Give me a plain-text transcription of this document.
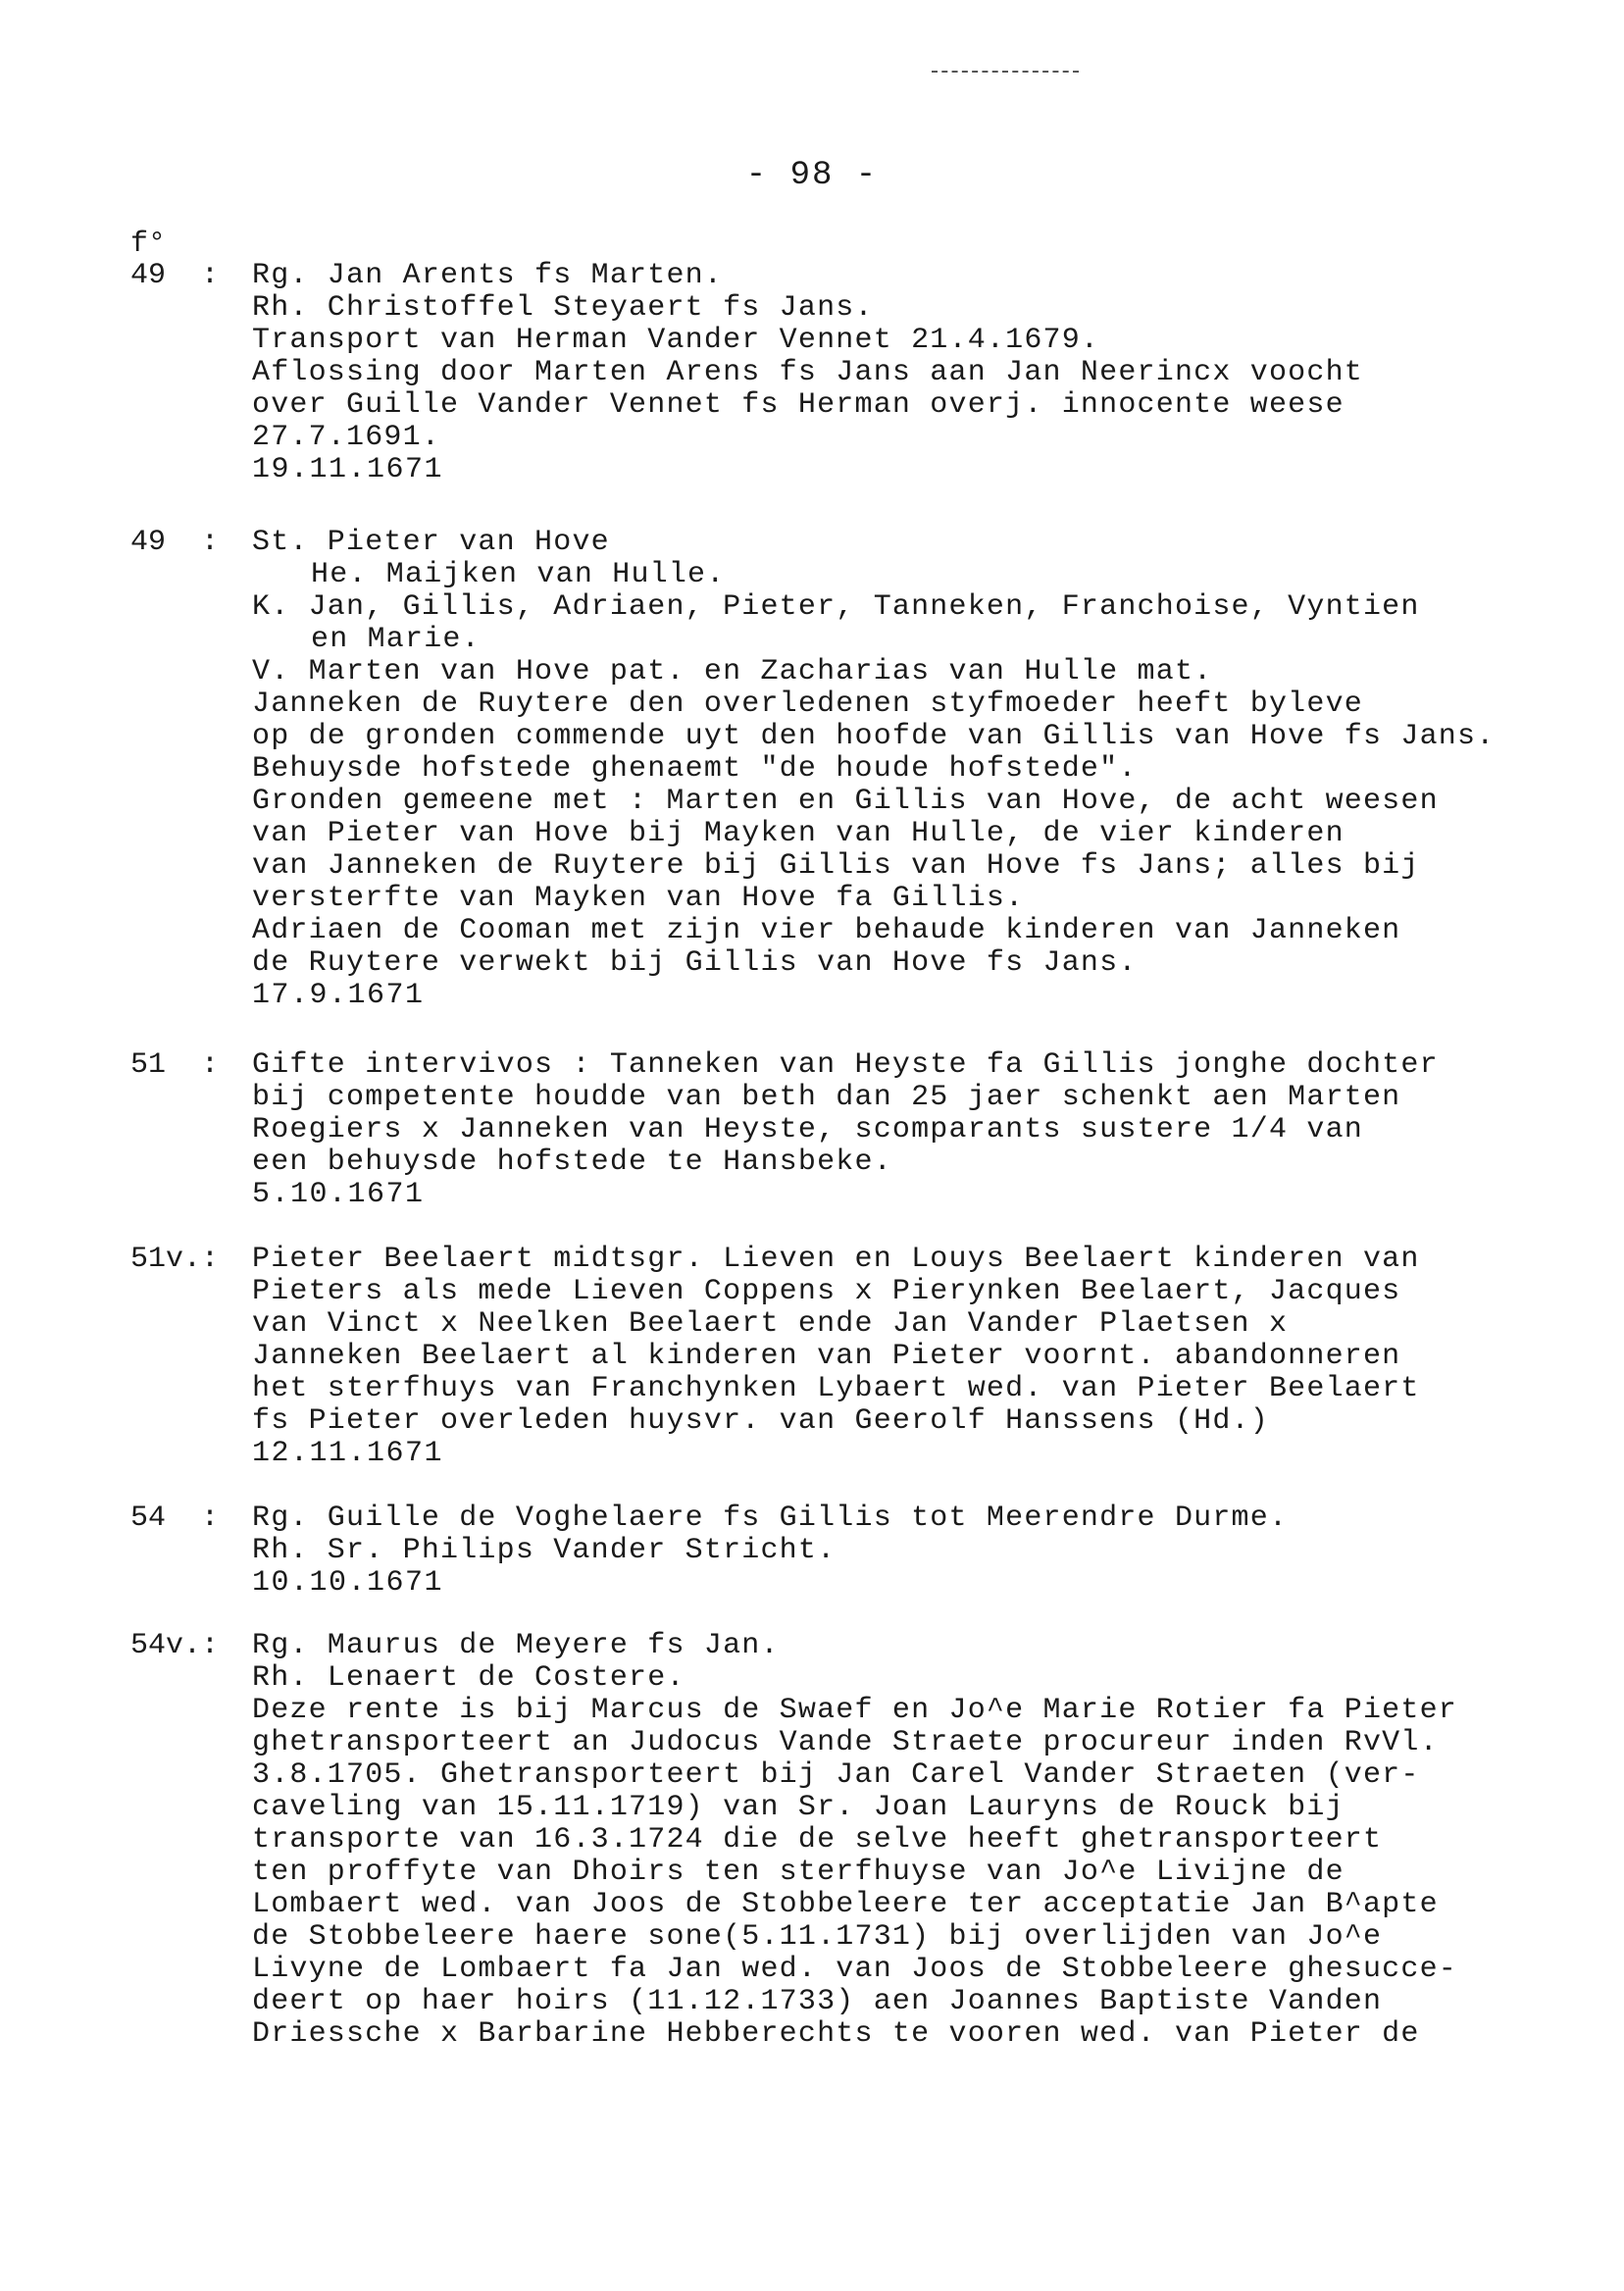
- 98 -
f°
49  :	Rg. Jan Arents fs Marten.
Rh. Christoffel Steyaert fs Jans.
Transport van Herman Vander Vennet 21.4.1679.
Aflossing door Marten Arens fs Jans aan Jan Neerincx voocht
over Guille Vander Vennet fs Herman overj. innocente weese
27.7.1691.
19.11.1671
49  :	St. Pieter van Hove
He. Maijken van Hulle.
K. Jan, Gillis, Adriaen, Pieter, Tanneken, Franchoise, Vyntien
en Marie.
V. Marten van Hove pat. en Zacharias van Hulle mat.
Janneken de Ruytere den overledenen styfmoeder heeft byleve
op de gronden commende uyt den hoofde van Gillis van Hove fs Jans.
Behuysde hofstede ghenaemt "de houde hofstede".
Gronden gemeene met : Marten en Gillis van Hove, de acht weesen
van Pieter van Hove bij Mayken van Hulle, de vier kinderen
van Janneken de Ruytere bij Gillis van Hove fs Jans; alles bij
versterfte van Mayken van Hove fa Gillis.
Adriaen de Cooman met zijn vier behaude kinderen van Janneken
de Ruytere verwekt bij Gillis van Hove fs Jans.
17.9.1671
51  :	Gifte intervivos : Tanneken van Heyste fa Gillis jonghe dochter
bij competente houdde van beth dan 25 jaer schenkt aen Marten
Roegiers x Janneken van Heyste, scomparants sustere 1/4 van
een behuysde hofstede te Hansbeke.
5.10.1671
51v.:	Pieter Beelaert midtsgr. Lieven en Louys Beelaert kinderen van
Pieters als mede Lieven Coppens x Pierynken Beelaert, Jacques
van Vinct x Neelken Beelaert ende Jan Vander Plaetsen x
Janneken Beelaert al kinderen van Pieter voornt. abandonneren
het sterfhuys van Franchynken Lybaert wed. van Pieter Beelaert
fs Pieter overleden huysvr. van Geerolf Hanssens (Hd.)
12.11.1671
54  :	Rg. Guille de Voghelaere fs Gillis tot Meerendre Durme.
Rh. Sr. Philips Vander Stricht.
10.10.1671
54v.:	Rg. Maurus de Meyere fs Jan.
Rh. Lenaert de Costere.
Deze rente is bij Marcus de Swaef en Jo^e Marie Rotier fa Pieter
ghetransporteert an Judocus Vande Straete procureur inden RvVl.
3.8.1705. Ghetransporteert bij Jan Carel Vander Straeten (ver-
caveling van 15.11.1719) van Sr. Joan Lauryns de Rouck bij
transporte van 16.3.1724 die de selve heeft ghetransporteert
ten proffyte van Dhoirs ten sterfhuyse van Jo^e Livijne de
Lombaert wed. van Joos de Stobbeleere ter acceptatie Jan B^apte
de Stobbeleere haere sone(5.11.1731) bij overlijden van Jo^e
Livyne de Lombaert fa Jan wed. van Joos de Stobbeleere ghesucce-
deert op haer hoirs (11.12.1733) aen Joannes Baptiste Vanden
Driessche x Barbarine Hebberechts te vooren wed. van Pieter de
